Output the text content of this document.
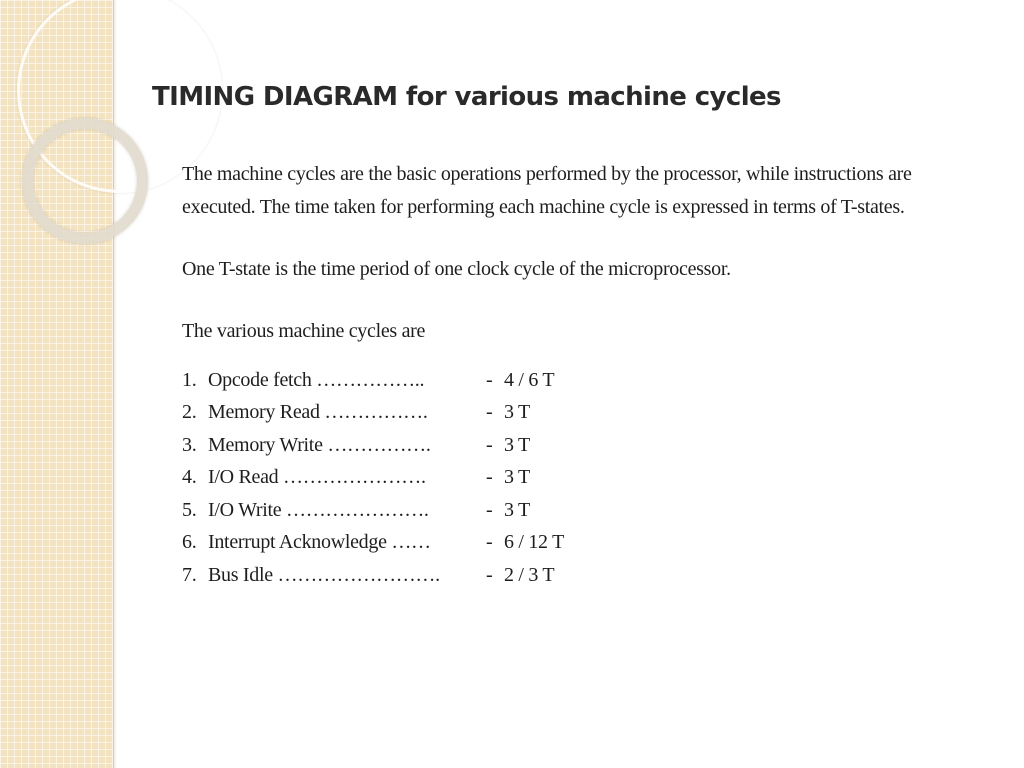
TIMING DIAGRAM for various machine cycles

The machine cycles are the basic operations performed by the processor, while instructions are executed. The time taken for performing each machine cycle is expressed in terms of T-states.

One T-state is the time period of one clock cycle of the microprocessor.

The various machine cycles are

1. Opcode fetch ……………..	- 4 / 6 T
2. Memory Read …………….	- 3 T
3. Memory Write …………….	- 3 T
4. I/O Read ………………….	- 3 T
5. I/O Write ………………….	- 3 T
6. Interrupt Acknowledge ……	- 6 / 12 T
7. Bus Idle …………………….	- 2 / 3 T
